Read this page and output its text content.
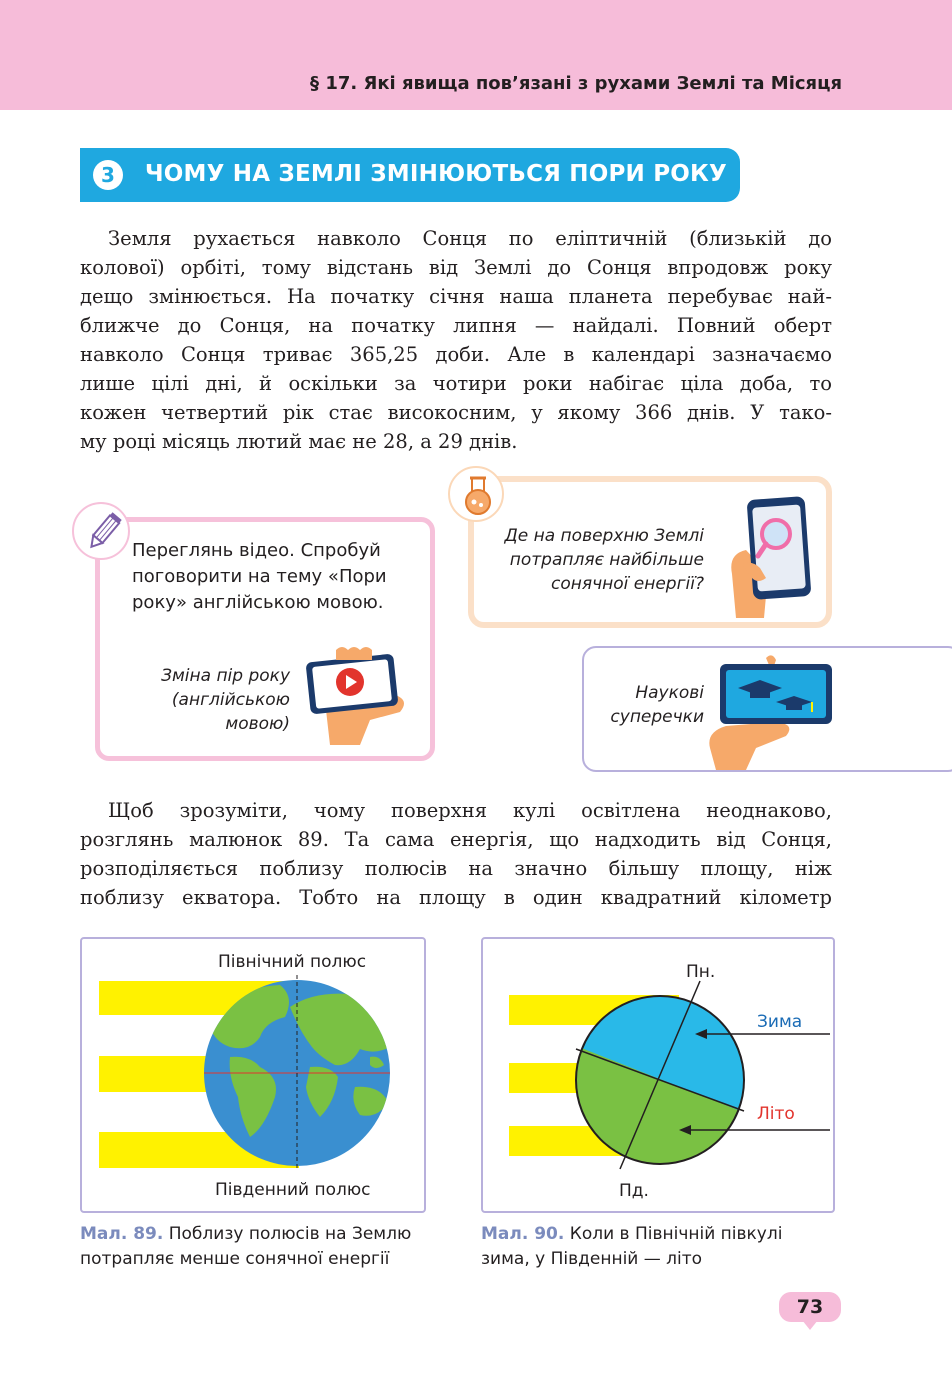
§ 17. Які явища пов’язані з рухами Землі та Місяця
3	ЧОМУ НА ЗЕМЛІ ЗМІНЮЮТЬСЯ ПОРИ РОКУ
Земля рухається навколо Сонця по еліптичній (близькій до
колової) орбіті, тому відстань від Землі до Сонця впродовж року
дещо змінюється. На початку січня наша планета перебуває най-
ближче до Сонця, на початку липня — найдалі. Повний оберт
навколо Сонця триває 365,25 доби. Але в календарі зазначаємо
лише цілі дні, й оскільки за чотири роки набігає ціла доба, то
кожен четвертий рік стає високосним, у якому 366 днів. У тако-
му році місяць лютий має не 28, а 29 днів.
Переглянь відео. Спробуй
поговорити на тему «Пори
року» англійською мовою.
Зміна пір року
(англійською
мовою)
Де на поверхню Землі
потрапляє найбільше
сонячної енергії?
Наукові
суперечки
Щоб зрозуміти, чому поверхня кулі освітлена неоднаково,
розглянь малюнок 89. Та сама енергія, що надходить від Сонця,
розподіляється поблизу полюсів на значно більшу площу, ніж
поблизу екватора. Тобто на площу в один квадратний кілометр
Північний полюс
Південний полюс
Пн.
Пд.
Зима
Літо
Мал. 89. Поблизу полюсів на Землю
потрапляє менше сонячної енергії
Мал. 90. Коли в Північній півкулі
зима, у Південній — літо
73
